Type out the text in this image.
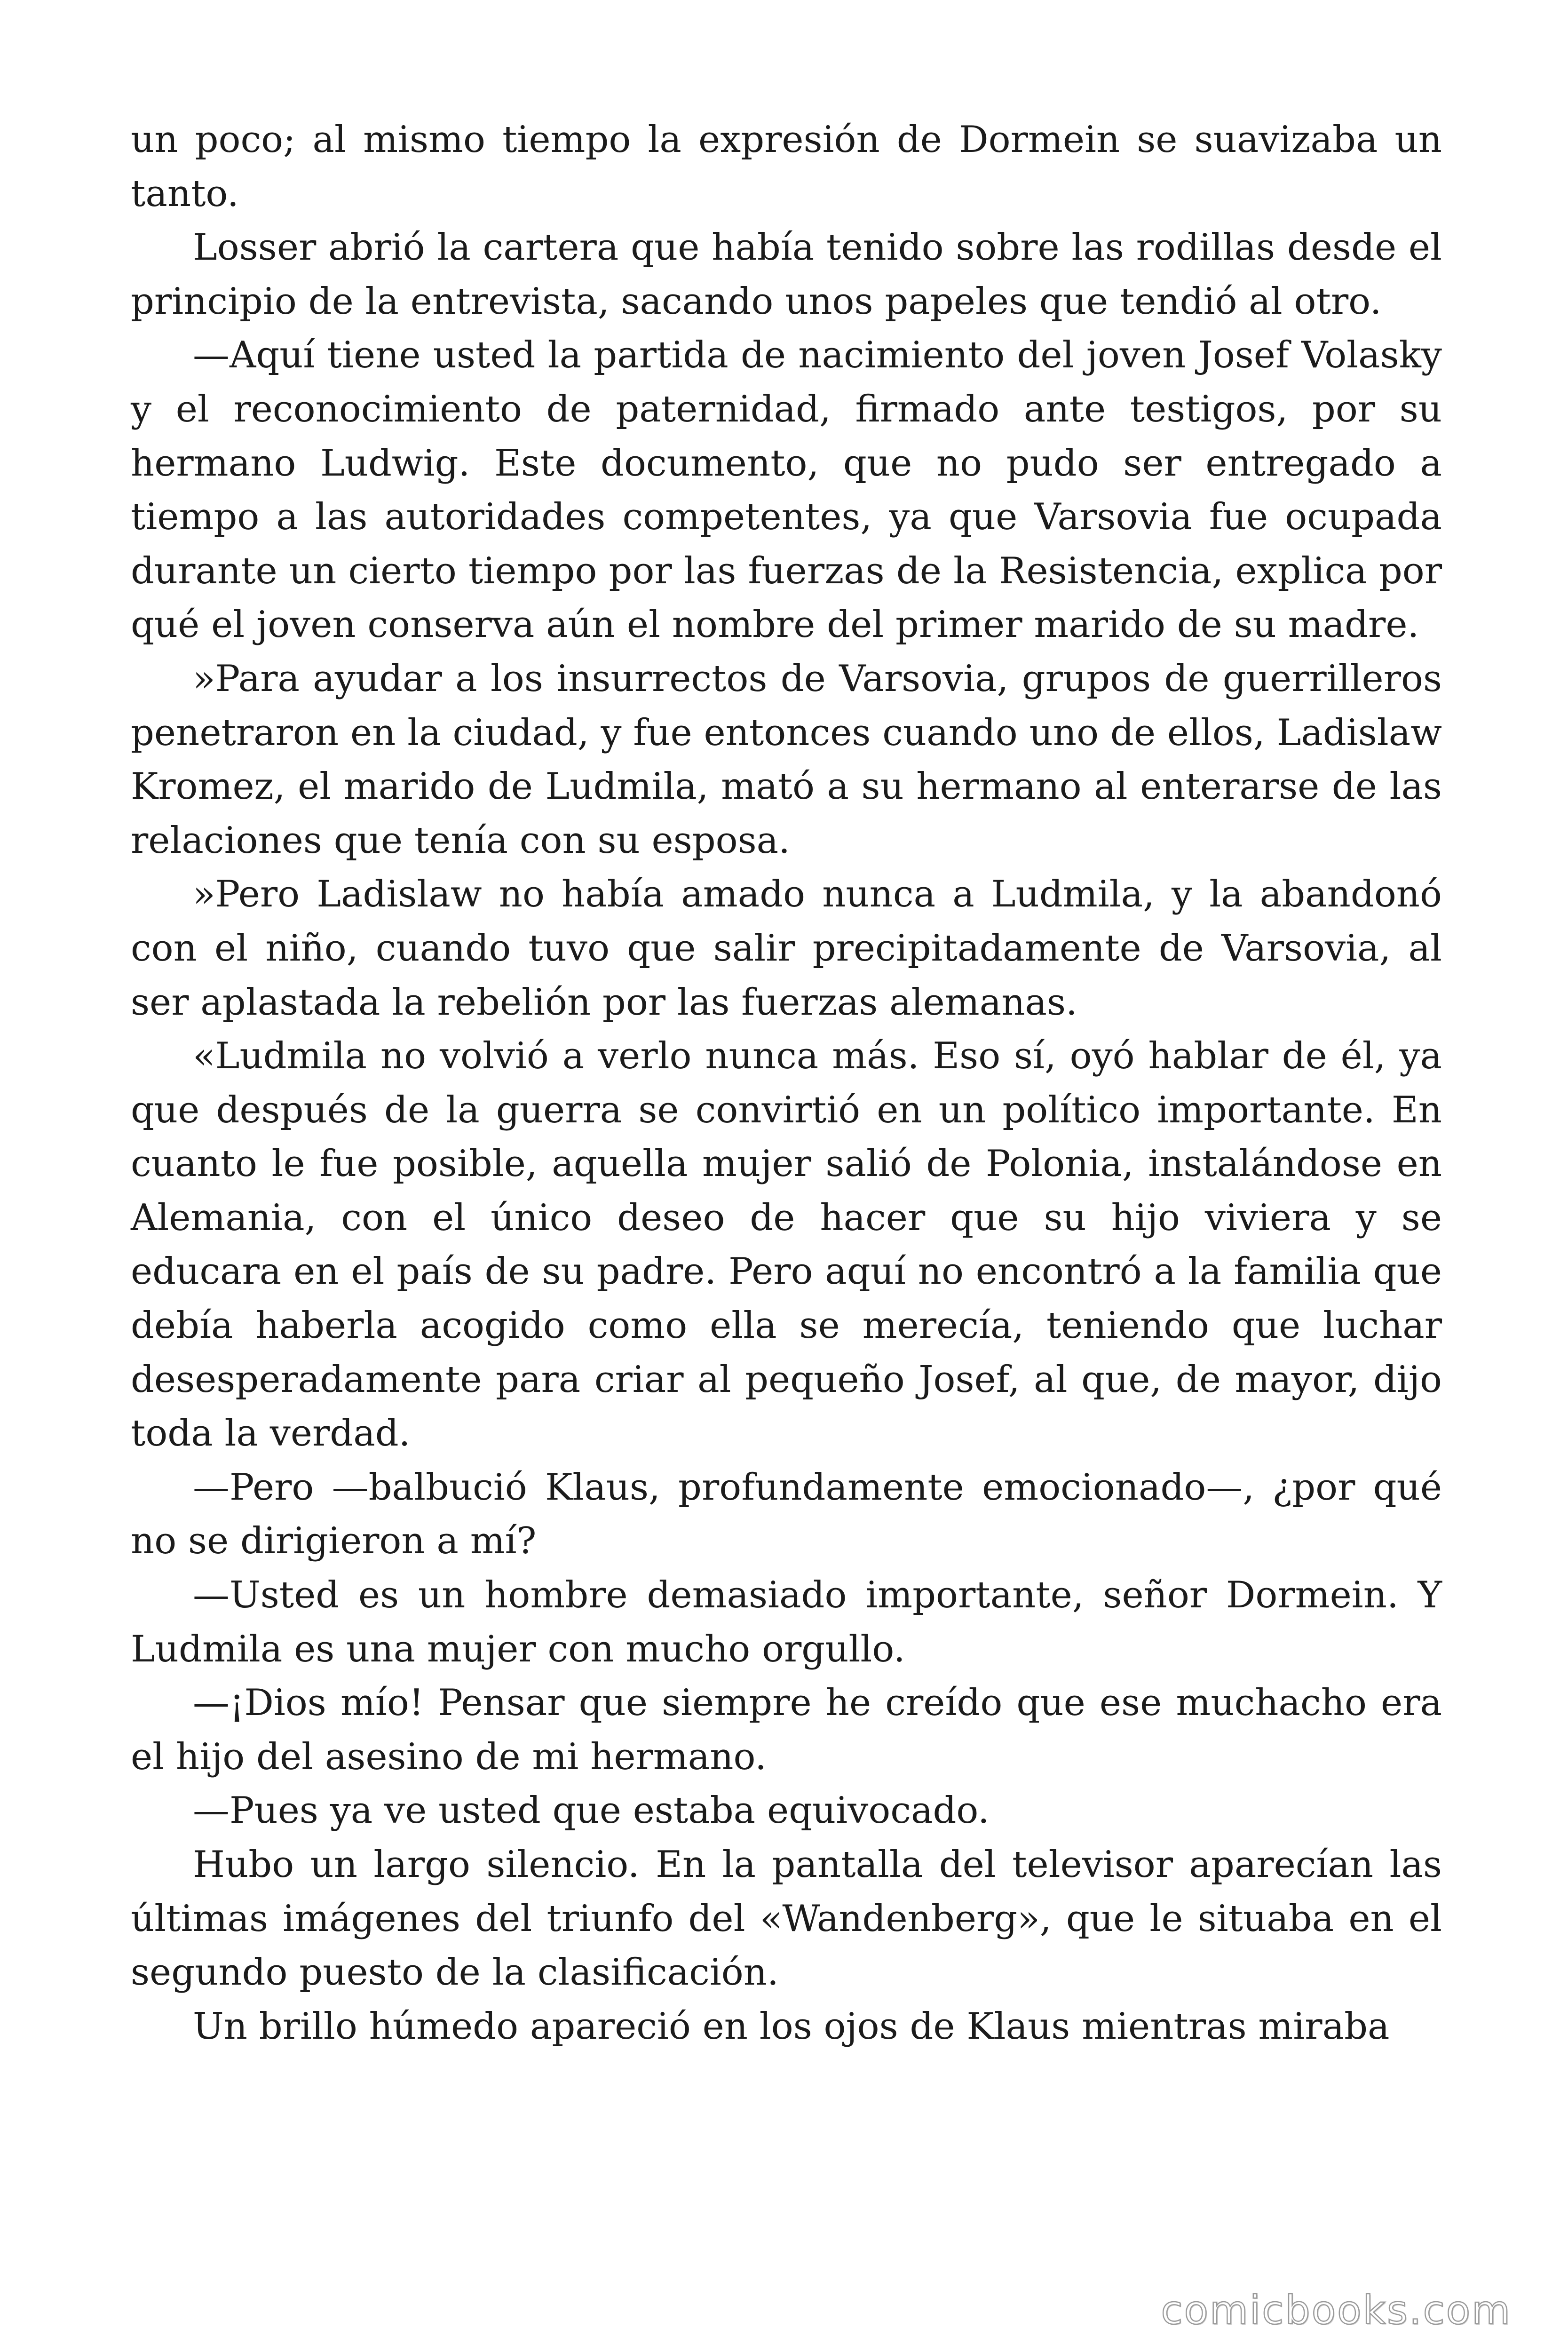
un poco; al mismo tiempo la expresión de Dormein se suavizaba un tanto.

Losser abrió la cartera que había tenido sobre las rodillas desde el principio de la entrevista, sacando unos papeles que tendió al otro.

—Aquí tiene usted la partida de nacimiento del joven Josef Volasky y el reconocimiento de paternidad, firmado ante testigos, por su hermano Ludwig. Este documento, que no pudo ser entregado a tiempo a las autoridades competentes, ya que Varsovia fue ocupada durante un cierto tiempo por las fuerzas de la Resistencia, explica por qué el joven conserva aún el nombre del primer marido de su madre.

»Para ayudar a los insurrectos de Varsovia, grupos de guerrilleros penetraron en la ciudad, y fue entonces cuando uno de ellos, Ladislaw Kromez, el marido de Ludmila, mató a su hermano al enterarse de las relaciones que tenía con su esposa.

»Pero Ladislaw no había amado nunca a Ludmila, y la abandonó con el niño, cuando tuvo que salir precipitadamente de Varsovia, al ser aplastada la rebelión por las fuerzas alemanas.

«Ludmila no volvió a verlo nunca más. Eso sí, oyó hablar de él, ya que después de la guerra se convirtió en un político importante. En cuanto le fue posible, aquella mujer salió de Polonia, instalándose en Alemania, con el único deseo de hacer que su hijo viviera y se educara en el país de su padre. Pero aquí no encontró a la familia que debía haberla acogido como ella se merecía, teniendo que luchar desesperadamente para criar al pequeño Josef, al que, de mayor, dijo toda la verdad.

—Pero —balbució Klaus, profundamente emocionado—, ¿por qué no se dirigieron a mí?

—Usted es un hombre demasiado importante, señor Dormein. Y Ludmila es una mujer con mucho orgullo.

—¡Dios mío! Pensar que siempre he creído que ese muchacho era el hijo del asesino de mi hermano.

—Pues ya ve usted que estaba equivocado.

Hubo un largo silencio. En la pantalla del televisor aparecían las últimas imágenes del triunfo del «Wandenberg», que le situaba en el segundo puesto de la clasificación.

Un brillo húmedo apareció en los ojos de Klaus mientras miraba

comicbooks.com
